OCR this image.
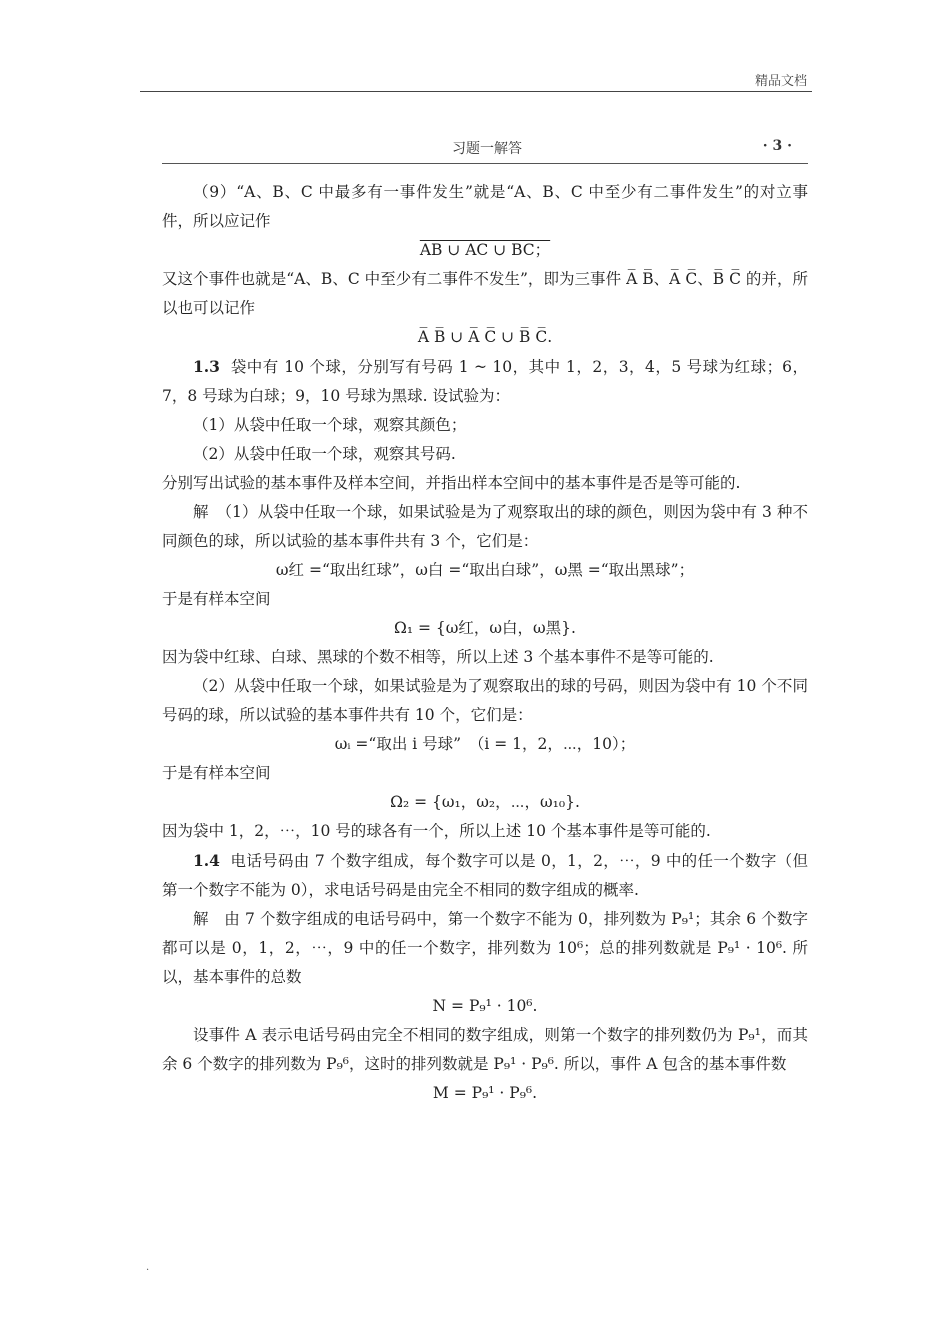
精品文档
习题一解答	· 3 ·

（9）“A、B、C 中最多有一事件发生”就是“A、B、C 中至少有二事件发生”的对立事件，所以应记作

AB ∪ AC ∪ BC；

又这个事件也就是“A、B、C 中至少有二事件不发生”，即为三事件 A̅ B̅、A̅ C̅、B̅ C̅ 的并，所以也可以记作

A̅ B̅ ∪ A̅ C̅ ∪ B̅ C̅.

1.3 袋中有 10 个球，分别写有号码 1 ~ 10，其中 1，2，3，4，5 号球为红球；6，7，8 号球为白球；9，10 号球为黑球. 设试验为：

（1）从袋中任取一个球，观察其颜色；

（2）从袋中任取一个球，观察其号码.

分别写出试验的基本事件及样本空间，并指出样本空间中的基本事件是否是等可能的.

解　（1）从袋中任取一个球，如果试验是为了观察取出的球的颜色，则因为袋中有 3 种不同颜色的球，所以试验的基本事件共有 3 个，它们是：

ω红 =“取出红球”，ω白 =“取出白球”，ω黑 =“取出黑球”；

于是有样本空间

Ω₁ = {ω红，ω白，ω黑}.

因为袋中红球、白球、黑球的个数不相等，所以上述 3 个基本事件不是等可能的.

（2）从袋中任取一个球，如果试验是为了观察取出的球的号码，则因为袋中有 10 个不同号码的球，所以试验的基本事件共有 10 个，它们是：

ωᵢ =“取出 i 号球”　（i = 1，2，⋯，10）；

于是有样本空间

Ω₂ = {ω₁，ω₂，⋯，ω₁₀}.

因为袋中 1，2，⋯，10 号的球各有一个，所以上述 10 个基本事件是等可能的.

1.4 电话号码由 7 个数字组成，每个数字可以是 0，1，2，⋯，9 中的任一个数字（但第一个数字不能为 0），求电话号码是由完全不相同的数字组成的概率.

解　由 7 个数字组成的电话号码中，第一个数字不能为 0，排列数为 P₉¹；其余 6 个数字都可以是 0，1，2，⋯，9 中的任一个数字，排列数为 10⁶；总的排列数就是 P₉¹ · 10⁶. 所以，基本事件的总数

N = P₉¹ · 10⁶.

设事件 A 表示电话号码由完全不相同的数字组成，则第一个数字的排列数仍为 P₉¹，而其余 6 个数字的排列数为 P₉⁶，这时的排列数就是 P₉¹ · P₉⁶. 所以，事件 A 包含的基本事件数

M = P₉¹ · P₉⁶.

.
